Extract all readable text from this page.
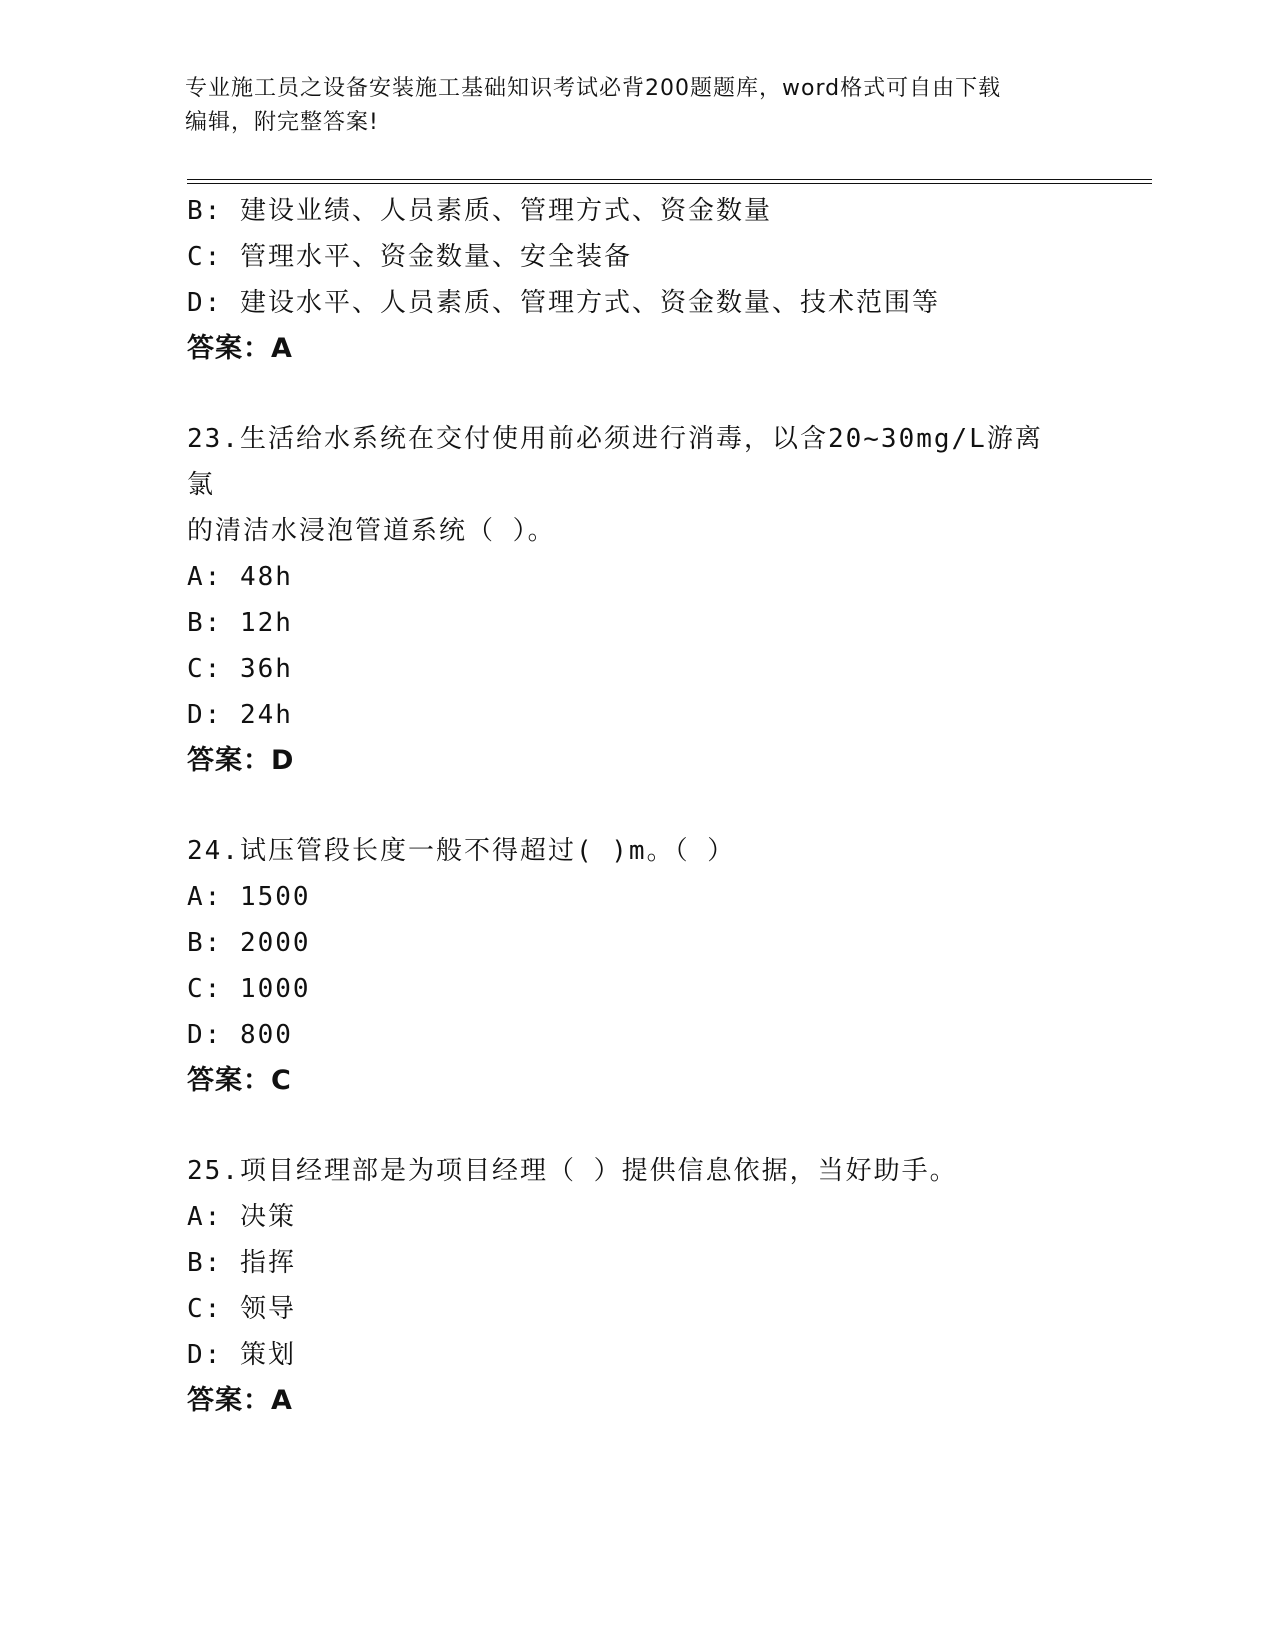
专业施工员之设备安装施工基础知识考试必背200题题库，word格式可自由下载
编辑，附完整答案!
B: 建设业绩、人员素质、管理方式、资金数量
C: 管理水平、资金数量、安全装备
D: 建设水平、人员素质、管理方式、资金数量、技术范围等
答案：A
23.生活给水系统在交付使用前必须进行消毒，以含20~30mg/L游离氯
的清洁水浸泡管道系统（ ）。
A: 48h
B: 12h
C: 36h
D: 24h
答案：D
24.试压管段长度一般不得超过( )m。（ ）
A: 1500
B: 2000
C: 1000
D: 800
答案：C
25.项目经理部是为项目经理（ ）提供信息依据，当好助手。
A: 决策
B: 指挥
C: 领导
D: 策划
答案：A
